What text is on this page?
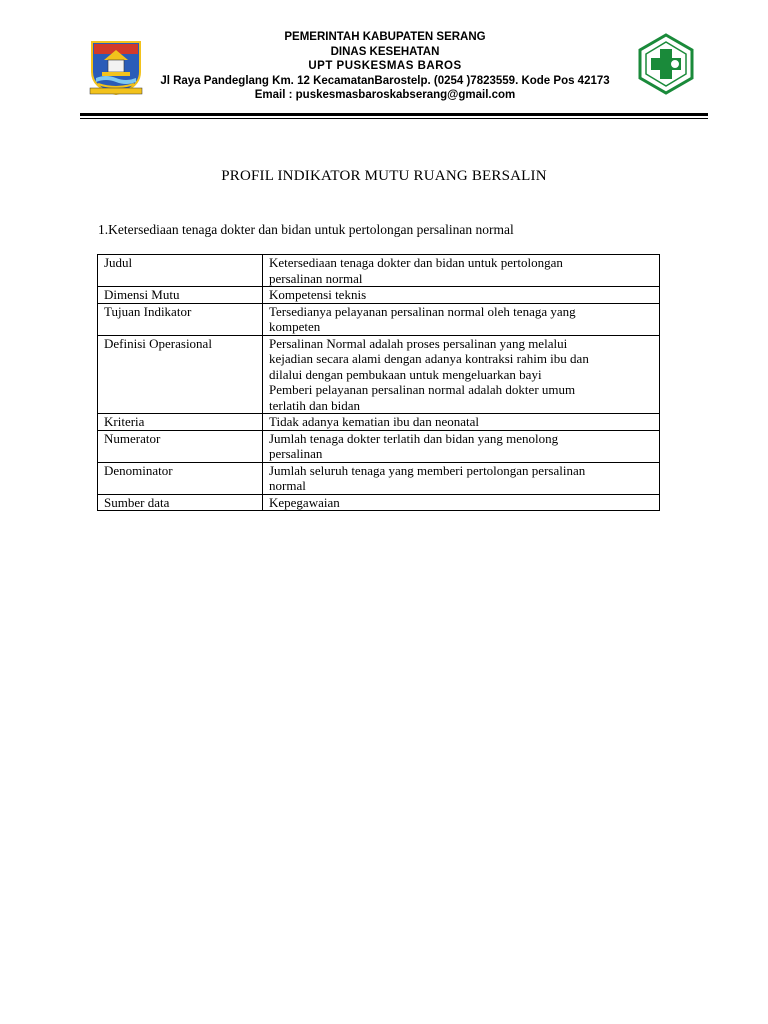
PEMERINTAH KABUPATEN SERANG
DINAS KESEHATAN
UPT PUSKESMAS BAROS
Jl Raya Pandeglang Km. 12 KecamatanBarostelp. (0254 )7823559. Kode Pos 42173
Email : puskesmasbaroskabserang@gmail.com
PROFIL INDIKATOR MUTU RUANG BERSALIN
1.Ketersediaan tenaga dokter dan bidan untuk pertolongan persalinan normal
Judul	Ketersediaan tenaga dokter dan bidan untuk pertolongan
persalinan normal

Dimensi Mutu	Kompetensi teknis

Tujuan Indikator	Tersedianya pelayanan persalinan normal oleh tenaga yang
kompeten

Definisi Operasional	Persalinan Normal adalah proses persalinan yang melalui
kejadian secara alami dengan adanya kontraksi rahim ibu dan
dilalui dengan pembukaan untuk mengeluarkan bayi
Pemberi pelayanan persalinan normal adalah dokter umum
terlatih dan bidan

Kriteria	Tidak adanya kematian ibu dan neonatal

Numerator	Jumlah tenaga dokter terlatih dan bidan yang menolong
persalinan

Denominator	Jumlah seluruh tenaga yang memberi pertolongan persalinan
normal

Sumber data	Kepegawaian
